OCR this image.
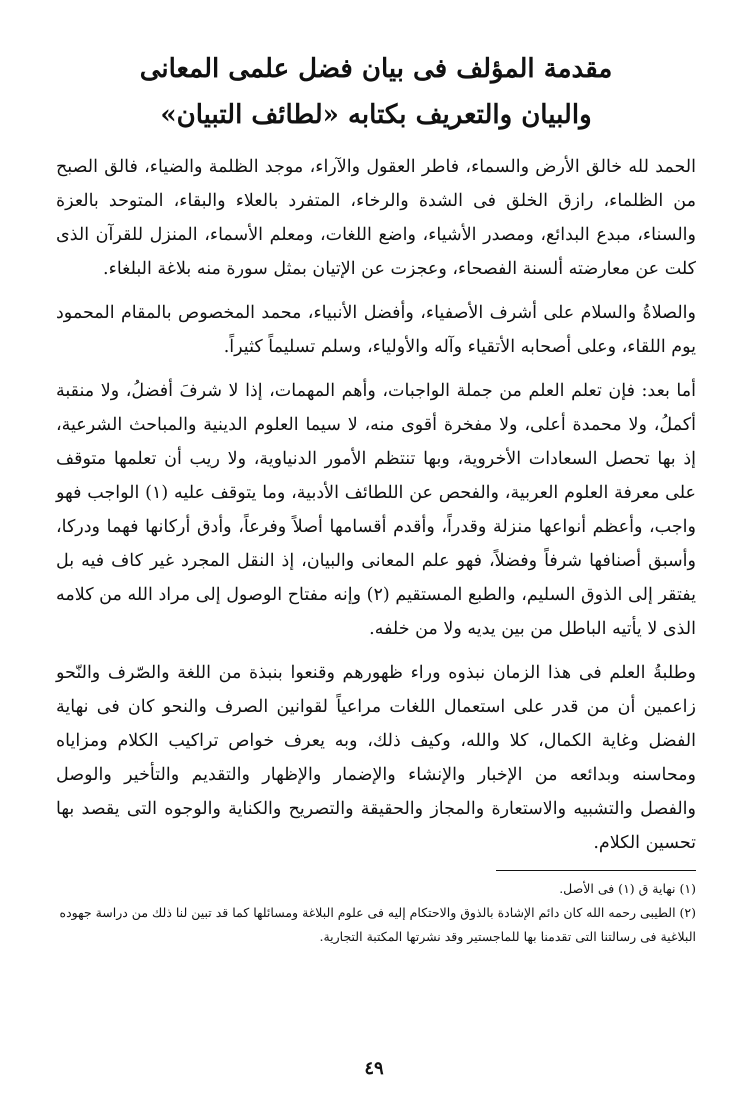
مقدمة المؤلف فى بيان فضل علمى المعانى
والبيان والتعريف بكتابه «لطائف التبيان»

الحمد لله خالق الأرض والسماء، فاطر العقول والآراء، موجد الظلمة والضياء، فالق الصبح من الظلماء، رازق الخلق فى الشدة والرخاء، المتفرد بالعلاء والبقاء، المتوحد بالعزة والسناء، مبدع البدائع، ومصدر الأشياء، واضع اللغات، ومعلم الأسماء، المنزل للقرآن الذى كلت عن معارضته ألسنة الفصحاء، وعجزت عن الإتيان بمثل سورة منه بلاغة البلغاء.

والصلاةُ والسلام على أشرف الأصفياء، وأفضل الأنبياء، محمد المخصوص بالمقام المحمود يوم اللقاء، وعلى أصحابه الأتقياء وآله والأولياء، وسلم تسليماً كثيراً.

أما بعد: فإن تعلم العلم من جملة الواجبات، وأهم المهمات، إذا لا شرفَ أفضلُ، ولا منقبة أكملُ، ولا محمدة أعلى، ولا مفخرة أقوى منه، لا سيما العلوم الدينية والمباحث الشرعية، إذ بها تحصل السعادات الأخروية، وبها تنتظم الأمور الدنياوية، ولا ريب أن تعلمها متوقف على معرفة العلوم العربية، والفحص عن اللطائف الأدبية، وما يتوقف عليه (١) الواجب فهو واجب، وأعظم أنواعها منزلة وقدراً، وأقدم أقسامها أصلاً وفرعاً، وأدق أركانها فهما ودركا، وأسبق أصنافها شرفاً وفضلاً، فهو علم المعانى والبيان، إذ النقل المجرد غير كاف فيه بل يفتقر إلى الذوق السليم، والطبع المستقيم (٢) وإنه مفتاح الوصول إلى مراد الله من كلامه الذى لا يأتيه الباطل من بين يديه ولا من خلفه.

وطلبةُ العلم فى هذا الزمان نبذوه وراء ظهورهم وقنعوا بنبذة من اللغة والصّرف والنّحو زاعمين أن من قدر على استعمال اللغات مراعياً لقوانين الصرف والنحو كان فى نهاية الفضل وغاية الكمال، كلا والله، وكيف ذلك، وبه يعرف خواص تراكيب الكلام ومزاياه ومحاسنه وبدائعه من الإخبار والإنشاء والإضمار والإظهار والتقديم والتأخير والوصل والفصل والتشبيه والاستعارة والمجاز والحقيقة والتصريح والكناية والوجوه التى يقصد بها تحسين الكلام.

(١) نهاية ق (١) فى الأصل.

(٢) الطيبى رحمه الله كان دائم الإشادة بالذوق والاحتكام إليه فى علوم البلاغة ومسائلها كما قد تبين لنا ذلك من دراسة جهوده البلاغية فى رسالتنا التى تقدمنا بها للماجستير وقد نشرتها المكتبة التجارية.

٤٩
